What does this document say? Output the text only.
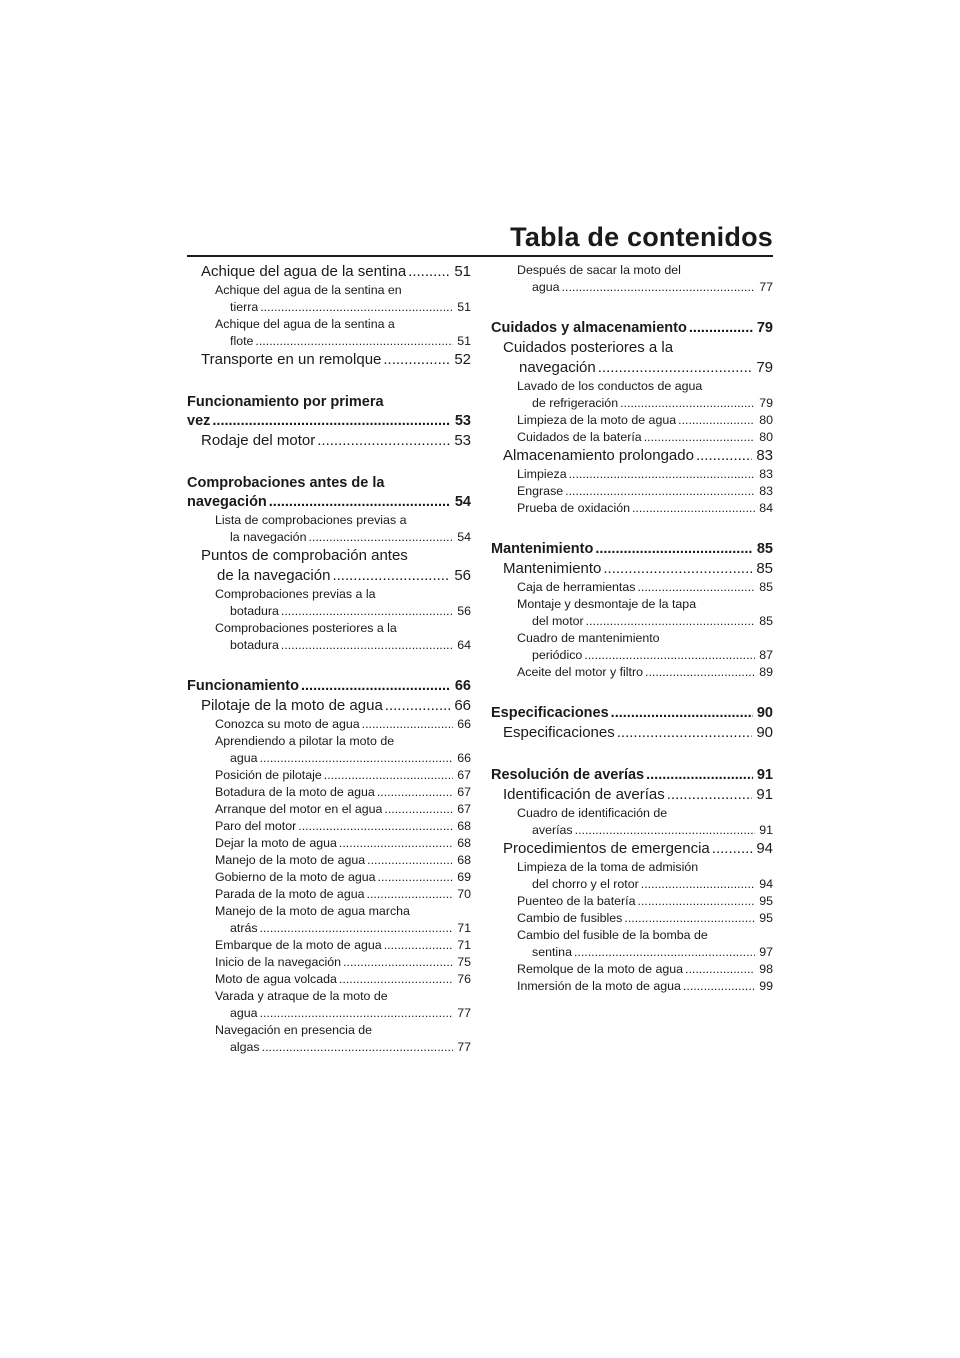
Tabla de contenidos
Achique del agua de la sentina .....	51
Achique del agua de la sentina en
tierra .....	51
Achique del agua de la sentina a
flote .....	51
Transporte en un remolque .....	52
Funcionamiento por primera
vez .....	53
Rodaje del motor .....	53
Comprobaciones antes de la
navegación .....	54
Lista de comprobaciones previas a
la navegación .....	54
Puntos de comprobación antes
de la navegación .....	56
Comprobaciones previas a la
botadura .....	56
Comprobaciones posteriores a la
botadura .....	64
Funcionamiento .....	66
Pilotaje de la moto de agua .....	66
Conozca su moto de agua .....	66
Aprendiendo a pilotar la moto de
agua .....	66
Posición de pilotaje .....	67
Botadura de la moto de agua .....	67
Arranque del motor en el agua .....	67
Paro del motor .....	68
Dejar la moto de agua .....	68
Manejo de la moto de agua .....	68
Gobierno de la moto de agua .....	69
Parada de la moto de agua .....	70
Manejo de la moto de agua marcha
atrás .....	71
Embarque de la moto de agua .....	71
Inicio de la navegación .....	75
Moto de agua volcada .....	76
Varada y atraque de la moto de
agua .....	77
Navegación en presencia de
algas .....	77
Después de sacar la moto del
agua .....	77
Cuidados y almacenamiento .....	79
Cuidados posteriores a la
navegación .....	79
Lavado de los conductos de agua
de refrigeración .....	79
Limpieza de la moto de agua .....	80
Cuidados de la batería .....	80
Almacenamiento prolongado .....	83
Limpieza .....	83
Engrase .....	83
Prueba de oxidación .....	84
Mantenimiento .....	85
Mantenimiento .....	85
Caja de herramientas .....	85
Montaje y desmontaje de la tapa
del motor .....	85
Cuadro de mantenimiento
periódico .....	87
Aceite del motor y filtro .....	89
Especificaciones .....	90
Especificaciones .....	90
Resolución de averías .....	91
Identificación de averías .....	91
Cuadro de identificación de
averías .....	91
Procedimientos de emergencia .....	94
Limpieza de la toma de admisión
del chorro y el rotor .....	94
Puenteo de la batería .....	95
Cambio de fusibles .....	95
Cambio del fusible de la bomba de
sentina .....	97
Remolque de la moto de agua .....	98
Inmersión de la moto de agua .....	99
